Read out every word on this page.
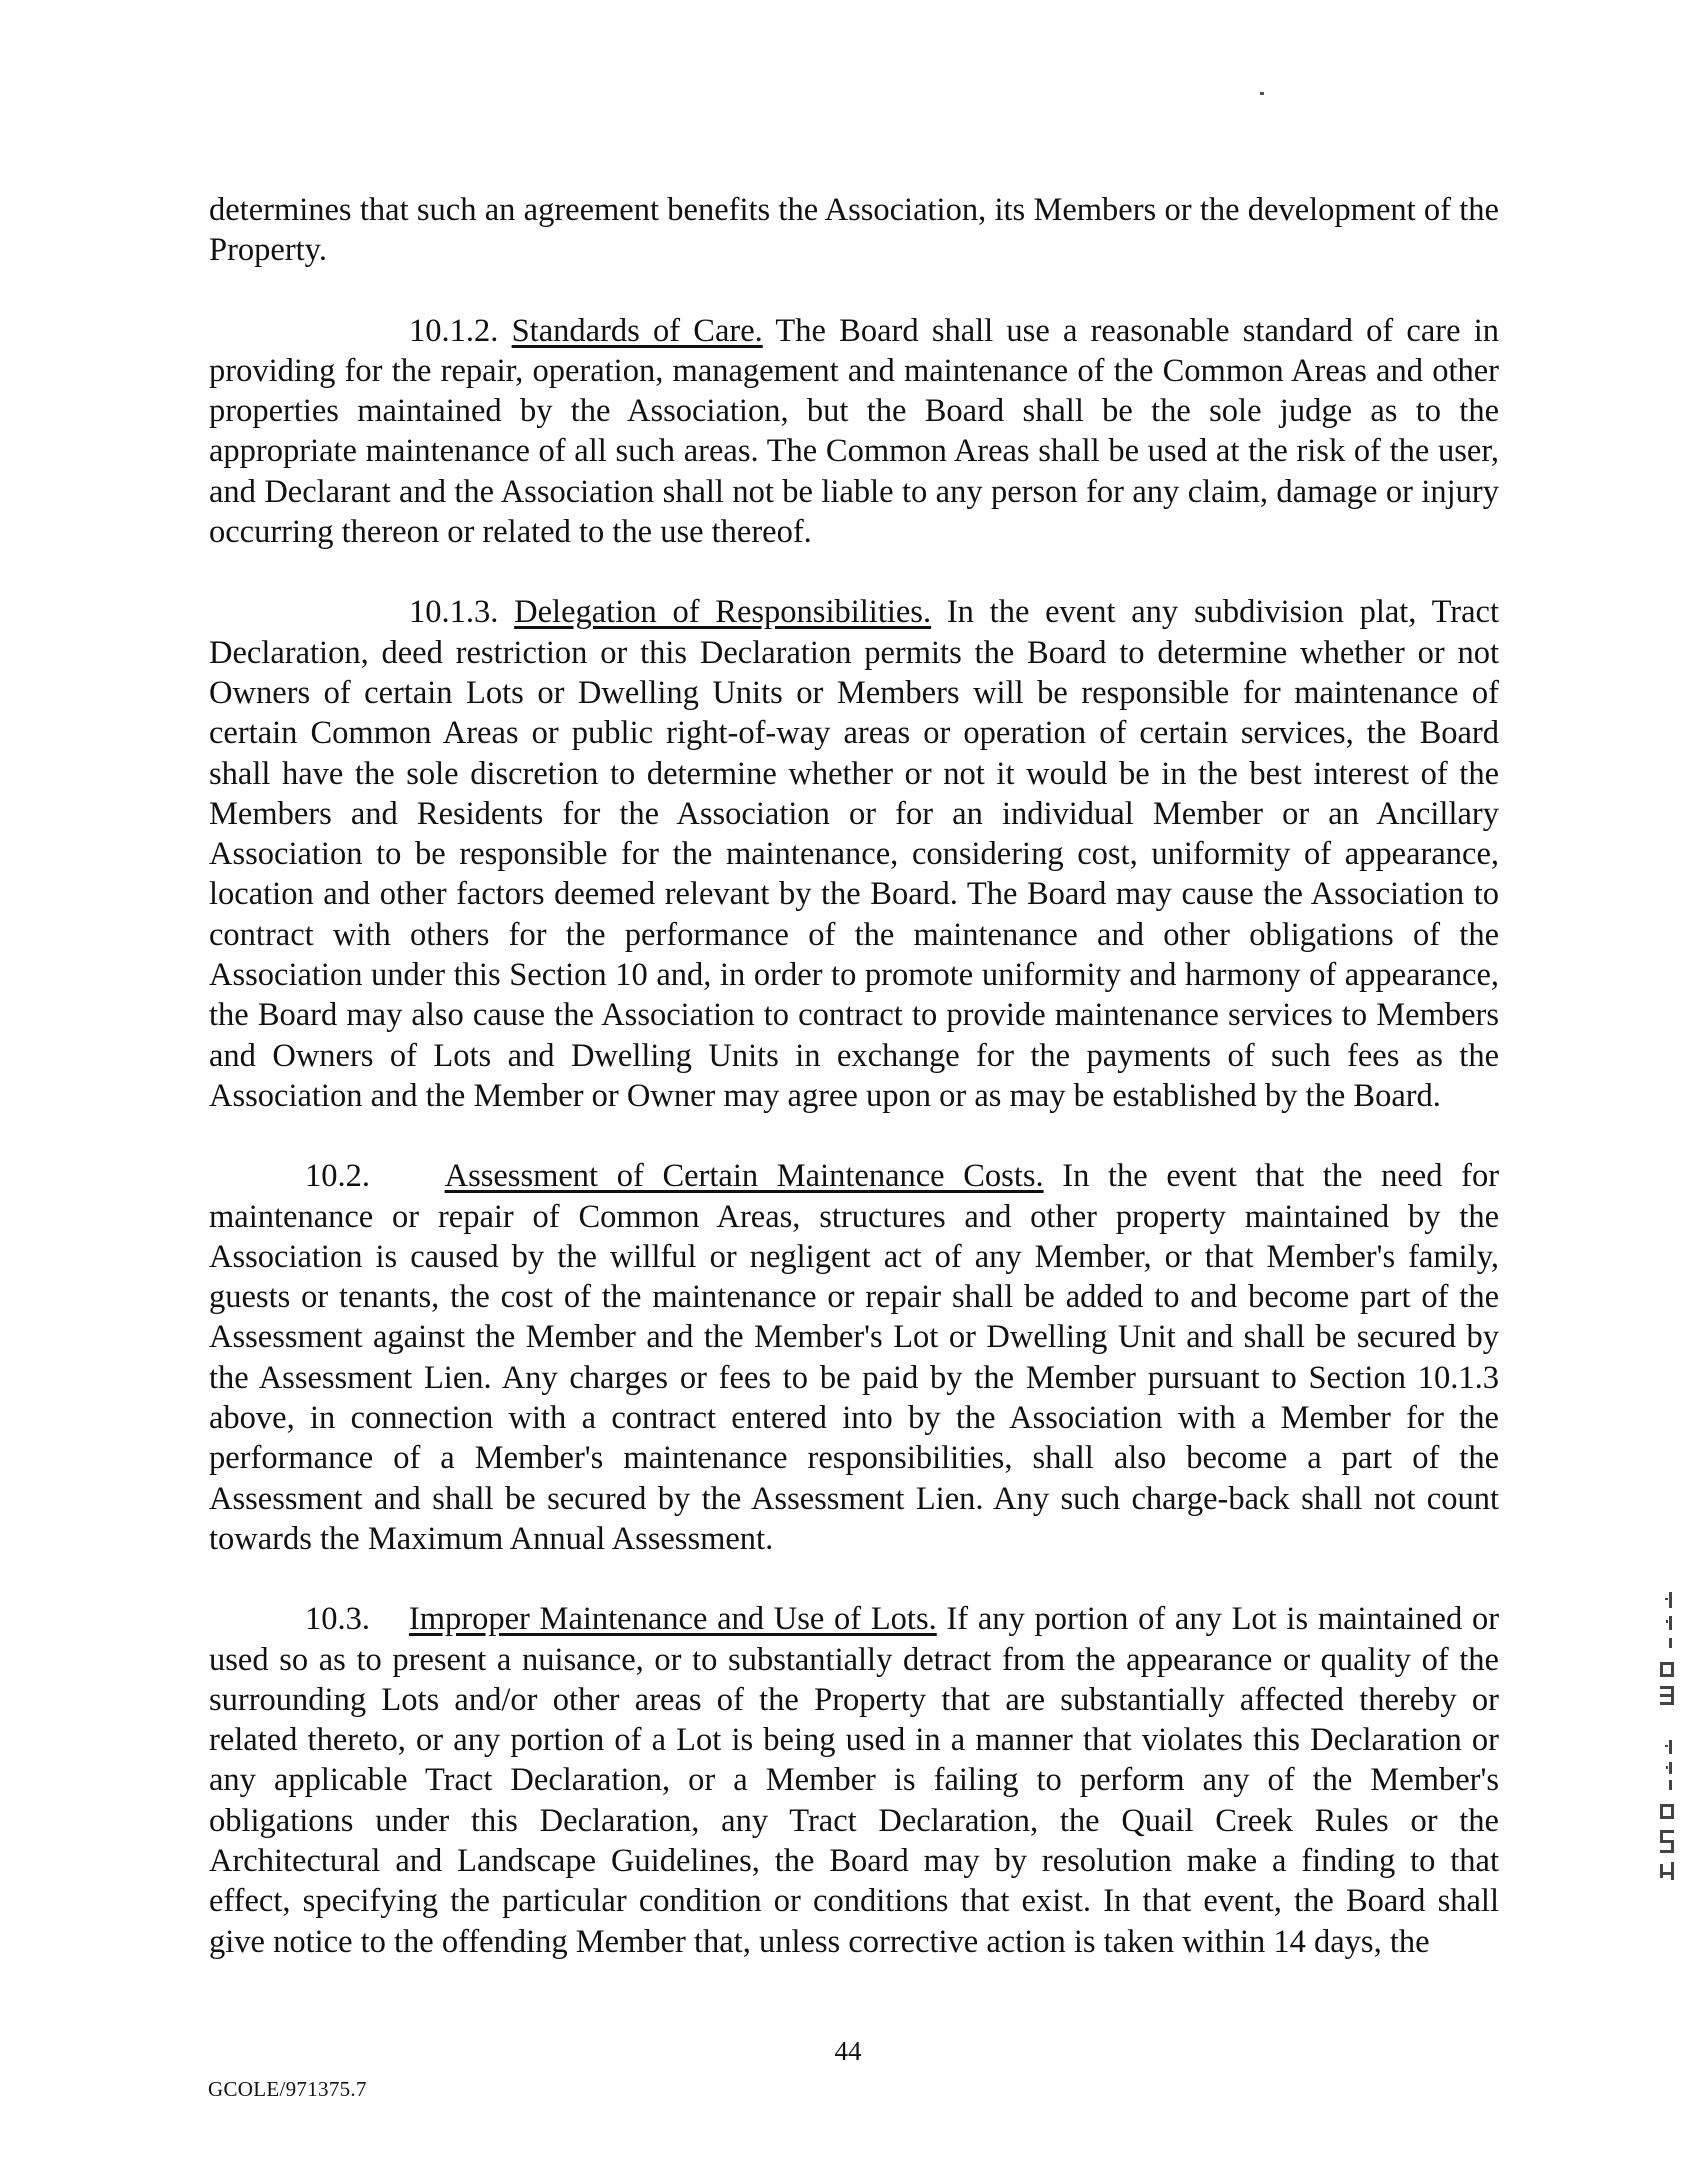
determines that such an agreement benefits the Association, its Members or the development of the Property.

10.1.2. Standards of Care. The Board shall use a reasonable standard of care in providing for the repair, operation, management and maintenance of the Common Areas and other properties maintained by the Association, but the Board shall be the sole judge as to the appropriate maintenance of all such areas. The Common Areas shall be used at the risk of the user, and Declarant and the Association shall not be liable to any person for any claim, damage or injury occurring thereon or related to the use thereof.

10.1.3. Delegation of Responsibilities. In the event any subdivision plat, Tract Declaration, deed restriction or this Declaration permits the Board to determine whether or not Owners of certain Lots or Dwelling Units or Members will be responsible for maintenance of certain Common Areas or public right-of-way areas or operation of certain services, the Board shall have the sole discretion to determine whether or not it would be in the best interest of the Members and Residents for the Association or for an individual Member or an Ancillary Association to be responsible for the maintenance, considering cost, uniformity of appearance, location and other factors deemed relevant by the Board. The Board may cause the Association to contract with others for the performance of the maintenance and other obligations of the Association under this Section 10 and, in order to promote uniformity and harmony of appearance, the Board may also cause the Association to contract to provide maintenance services to Members and Owners of Lots and Dwelling Units in exchange for the payments of such fees as the Association and the Member or Owner may agree upon or as may be established by the Board.

10.2. Assessment of Certain Maintenance Costs. In the event that the need for maintenance or repair of Common Areas, structures and other property maintained by the Association is caused by the willful or negligent act of any Member, or that Member's family, guests or tenants, the cost of the maintenance or repair shall be added to and become part of the Assessment against the Member and the Member's Lot or Dwelling Unit and shall be secured by the Assessment Lien. Any charges or fees to be paid by the Member pursuant to Section 10.1.3 above, in connection with a contract entered into by the Association with a Member for the performance of a Member's maintenance responsibilities, shall also become a part of the Assessment and shall be secured by the Assessment Lien. Any such charge-back shall not count towards the Maximum Annual Assessment.

10.3. Improper Maintenance and Use of Lots. If any portion of any Lot is maintained or used so as to present a nuisance, or to substantially detract from the appearance or quality of the surrounding Lots and/or other areas of the Property that are substantially affected thereby or related thereto, or any portion of a Lot is being used in a manner that violates this Declaration or any applicable Tract Declaration, or a Member is failing to perform any of the Member's obligations under this Declaration, any Tract Declaration, the Quail Creek Rules or the Architectural and Landscape Guidelines, the Board may by resolution make a finding to that effect, specifying the particular condition or conditions that exist. In that event, the Board shall give notice to the offending Member that, unless corrective action is taken within 14 days, the

44
GCOLE/971375.7
